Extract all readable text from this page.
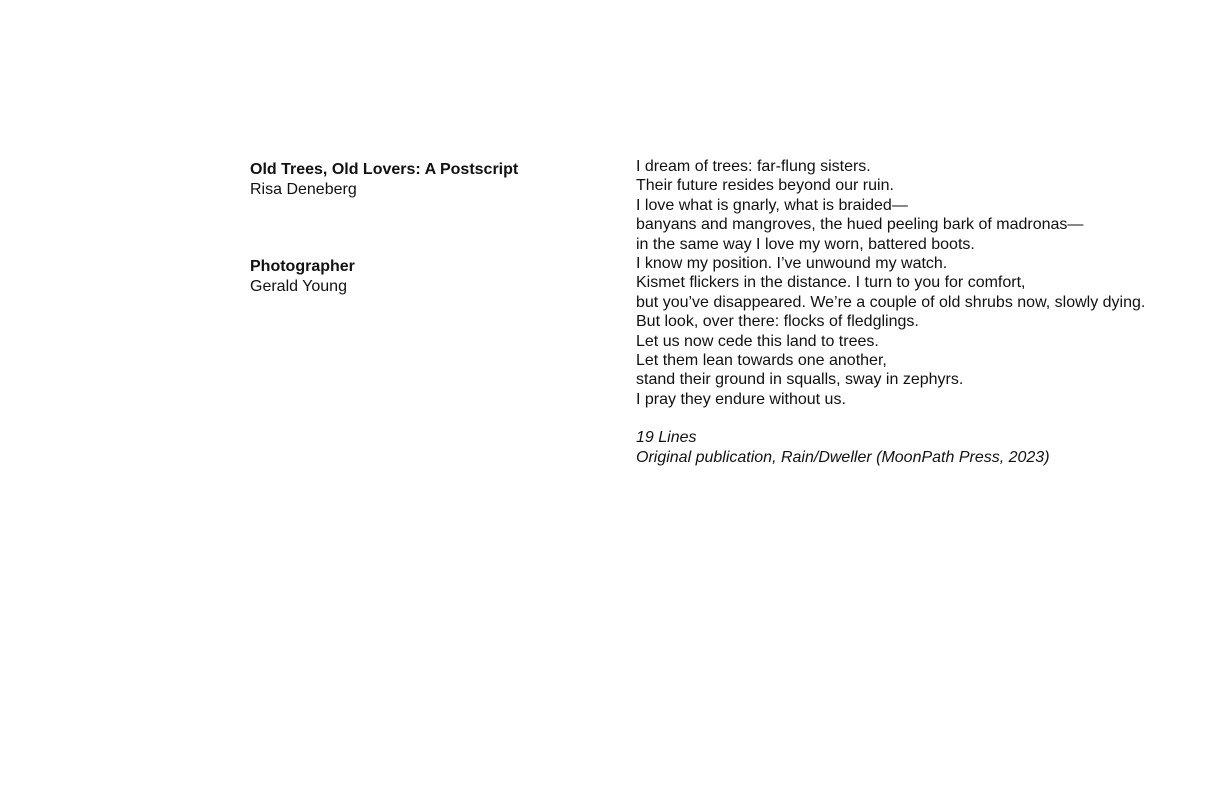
Old Trees, Old Lovers: A Postscript
Risa Deneberg
Photographer
Gerald Young
I dream of trees: far-flung sisters.
Their future resides beyond our ruin.
I love what is gnarly, what is braided—
banyans and mangroves, the hued peeling bark of madronas—
in the same way I love my worn, battered boots.
I know my position. I’ve unwound my watch.
Kismet flickers in the distance. I turn to you for comfort,
but you’ve disappeared. We’re a couple of old shrubs now, slowly dying.
But look, over there: flocks of fledglings.
Let us now cede this land to trees.
Let them lean towards one another,
stand their ground in squalls, sway in zephyrs.
I pray they endure without us.
19 Lines
Original publication, Rain/Dweller (MoonPath Press, 2023)
